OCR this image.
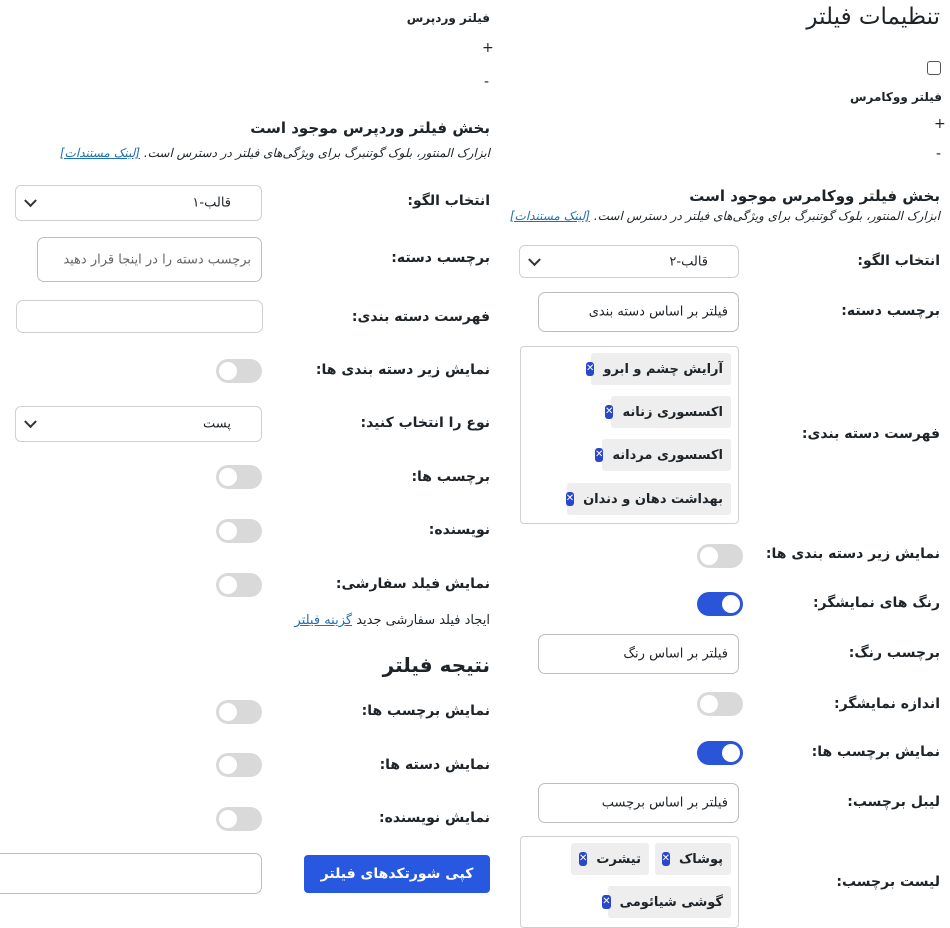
تنظیمات فیلتر
فیلتر ووکامرس
+
-
بخش فیلتر ووکامرس موجود است
ابزارک المنتور، بلوک گوتنبرگ برای ویژگی‌های فیلتر در دسترس است. [لینک مستندات]
انتخاب الگو:
قالب-۲
برچسب دسته:
فیلتر بر اساس دسته بندی
فهرست دسته بندی:
آرایش چشم و ابرو
✕
اکسسوری زنانه
✕
اکسسوری مردانه
✕
بهداشت دهان و دندان
✕
نمایش زیر دسته بندی ها:
رنگ های نمایشگر:
برچسب رنگ:
فیلتر بر اساس رنگ
اندازه نمایشگر:
نمایش برچسب ها:
لیبل برچسب:
فیلتر بر اساس برچسب
لیست برچسب:
پوشاک
✕
تیشرت
✕
گوشی شیائومی
✕
فیلتر وردپرس
+
-
بخش فیلتر وردپرس موجود است
ابزارک المنتور، بلوک گوتنبرگ برای ویژگی‌های فیلتر در دسترس است. [لینک مستندات]
انتخاب الگو:
قالب-۱
برچسب دسته:
برچسب دسته را در اینجا قرار دهید
فهرست دسته بندی:
نمایش زیر دسته بندی ها:
نوع را انتخاب کنید:
پست
برچسب ها:
نویسنده:
نمایش فیلد سفارشی:
ایجاد فیلد سفارشی جدید گزینه فیلتر
نتیجه فیلتر
نمایش برچسب ها:
نمایش دسته ها:
نمایش نویسنده:
کپی شورتکدهای فیلتر
